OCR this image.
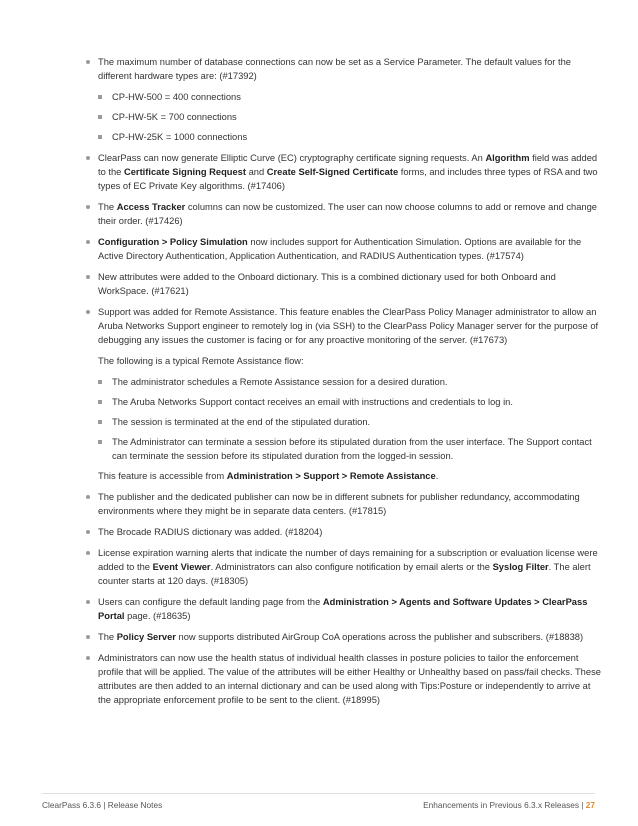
The maximum number of database connections can now be set as a Service Parameter. The default values for the different hardware types are: (#17392)
CP-HW-500 = 400 connections
CP-HW-5K = 700 connections
CP-HW-25K = 1000 connections
ClearPass can now generate Elliptic Curve (EC) cryptography certificate signing requests. An Algorithm field was added to the Certificate Signing Request and Create Self-Signed Certificate forms, and includes three types of RSA and two types of EC Private Key algorithms. (#17406)
The Access Tracker columns can now be customized. The user can now choose columns to add or remove and change their order. (#17426)
Configuration > Policy Simulation now includes support for Authentication Simulation. Options are available for the Active Directory Authentication, Application Authentication, and RADIUS Authentication types. (#17574)
New attributes were added to the Onboard dictionary. This is a combined dictionary used for both Onboard and WorkSpace. (#17621)
Support was added for Remote Assistance. This feature enables the ClearPass Policy Manager administrator to allow an Aruba Networks Support engineer to remotely log in (via SSH) to the ClearPass Policy Manager server for the purpose of debugging any issues the customer is facing or for any proactive monitoring of the server. (#17673)
The following is a typical Remote Assistance flow:
The administrator schedules a Remote Assistance session for a desired duration.
The Aruba Networks Support contact receives an email with instructions and credentials to log in.
The session is terminated at the end of the stipulated duration.
The Administrator can terminate a session before its stipulated duration from the user interface. The Support contact can terminate the session before its stipulated duration from the logged-in session.
This feature is accessible from Administration > Support > Remote Assistance.
The publisher and the dedicated publisher can now be in different subnets for publisher redundancy, accommodating environments where they might be in separate data centers. (#17815)
The Brocade RADIUS dictionary was added. (#18204)
License expiration warning alerts that indicate the number of days remaining for a subscription or evaluation license were added to the Event Viewer. Administrators can also configure notification by email alerts or the Syslog Filter. The alert counter starts at 120 days. (#18305)
Users can configure the default landing page from the Administration > Agents and Software Updates > ClearPass Portal page. (#18635)
The Policy Server now supports distributed AirGroup CoA operations across the publisher and subscribers. (#18838)
Administrators can now use the health status of individual health classes in posture policies to tailor the enforcement profile that will be applied. The value of the attributes will be either Healthy or Unhealthy based on pass/fail checks. These attributes are then added to an internal dictionary and can be used along with Tips:Posture or independently to arrive at the appropriate enforcement profile to be sent to the client. (#18995)
ClearPass 6.3.6 | Release Notes	Enhancements in Previous 6.3.x Releases | 27
